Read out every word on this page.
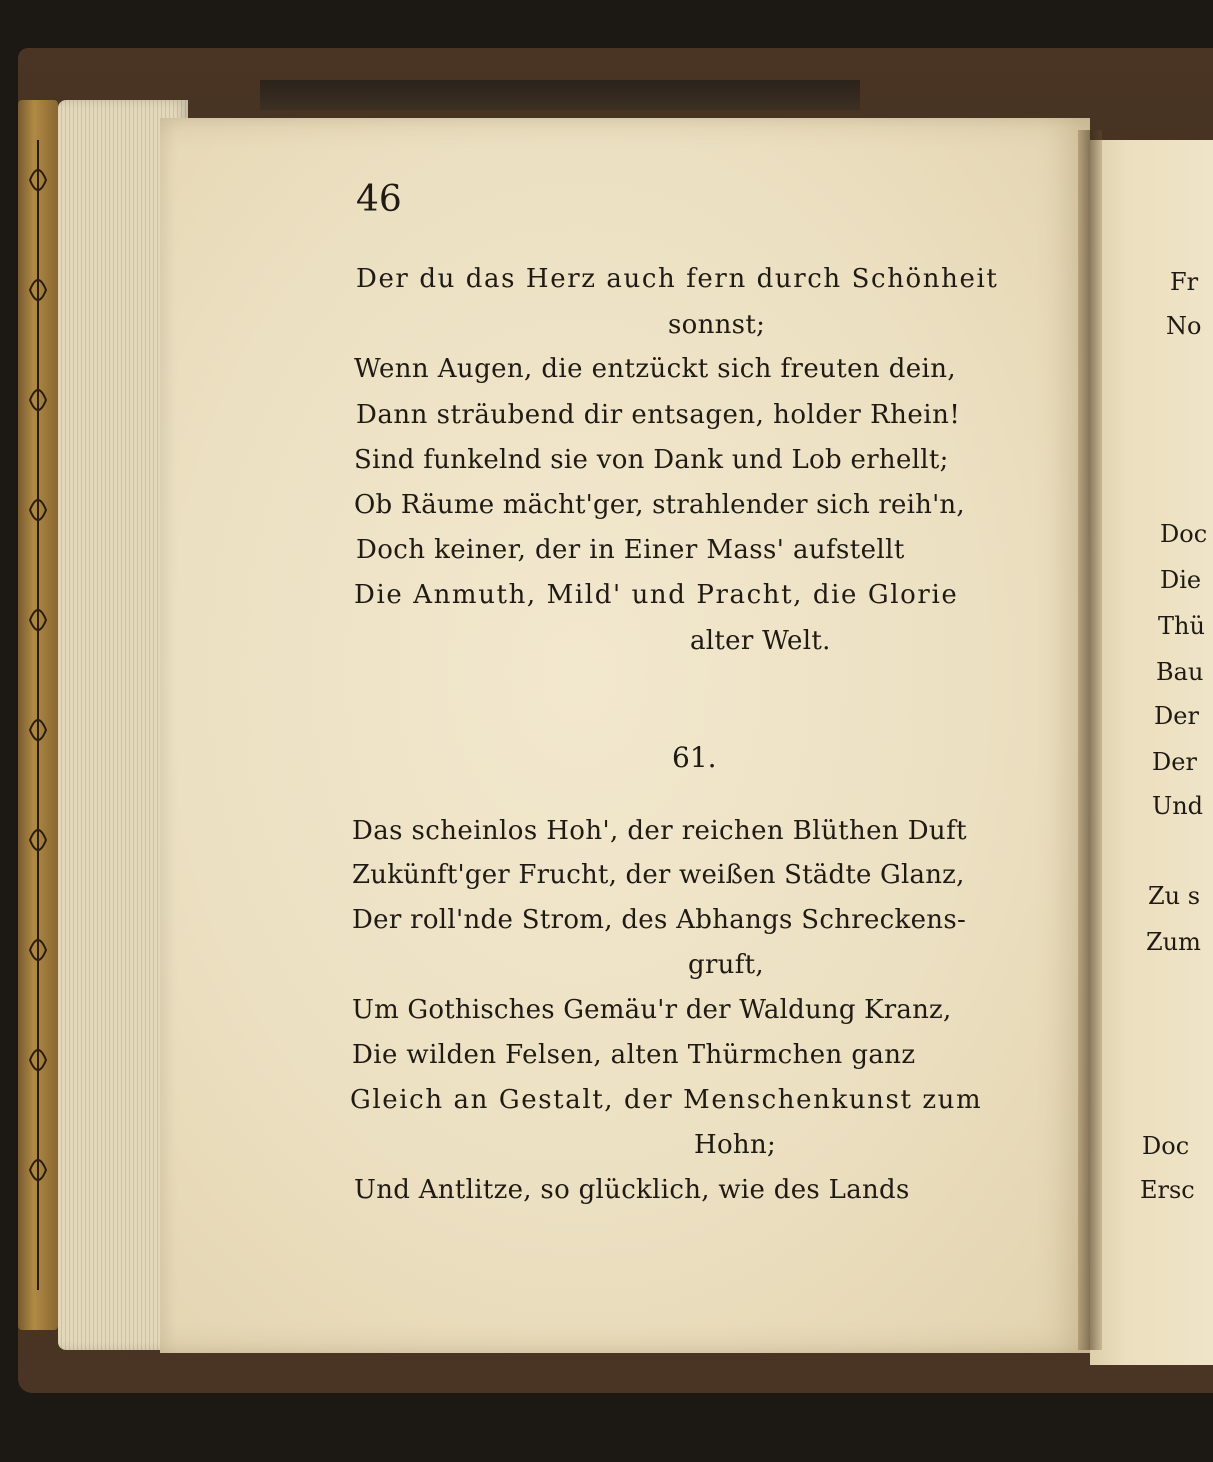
46
Der du das Herz auch fern durch Schönheit
sonnst;
Wenn Augen, die entzückt sich freuten dein,
Dann sträubend dir entsagen, holder Rhein!
Sind funkelnd sie von Dank und Lob erhellt;
Ob Räume mächt'ger, strahlender sich reih'n,
Doch keiner, der in Einer Mass' aufstellt
Die Anmuth, Mild' und Pracht, die Glorie
alter Welt.
61.
Das scheinlos Hoh', der reichen Blüthen Duft
Zukünft'ger Frucht, der weißen Städte Glanz,
Der roll'nde Strom, des Abhangs Schreckens-
gruft,
Um Gothisches Gemäu'r der Waldung Kranz,
Die wilden Felsen, alten Thürmchen ganz
Gleich an Gestalt, der Menschenkunst zum
Hohn;
Und Antlitze, so glücklich, wie des Lands
Fr
No
Doc
Die
Thü
Bau
Der
Der
Und
Zu s
Zum
Doc
Ersc
